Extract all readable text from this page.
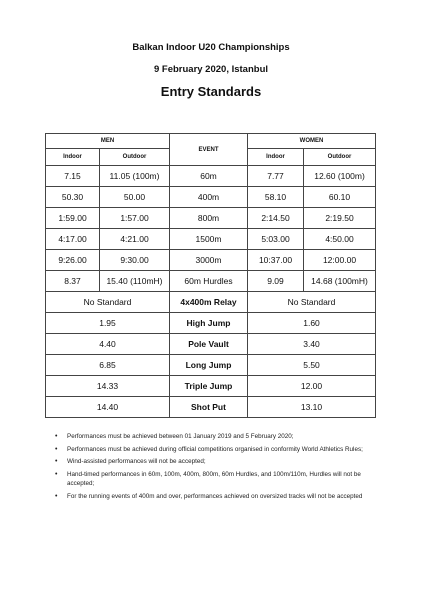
Balkan Indoor U20 Championships
9 February 2020, Istanbul
Entry Standards
MEN		EVENT	WOMEN	
Indoor	Outdoor		Indoor	Outdoor
7.15	11.05 (100m)	60m	7.77	12.60 (100m)
50.30	50.00	400m	58.10	60.10
1:59.00	1:57.00	800m	2:14.50	2:19.50
4:17.00	4:21.00	1500m	5:03.00	4:50.00
9:26.00	9:30.00	3000m	10:37.00	12:00.00
8.37	15.40 (110mH)	60m Hurdles	9.09	14.68 (100mH)
No Standard		4x400m Relay	No Standard	
1.95		High Jump	1.60	
4.40		Pole Vault	3.40	
6.85		Long Jump	5.50	
14.33		Triple Jump	12.00	
14.40		Shot Put	13.10	
• Performances must be achieved between 01 January 2019 and 5 February 2020;
• Performances must be achieved during official competitions organised in conformity World Athletics Rules;
• Wind-assisted performances will not be accepted;
• Hand-timed performances in 60m, 100m, 400m, 800m, 60m Hurdles, and 100m/110m, Hurdles will not be accepted;
• For the running events of 400m and over, performances achieved on oversized tracks will not be accepted
